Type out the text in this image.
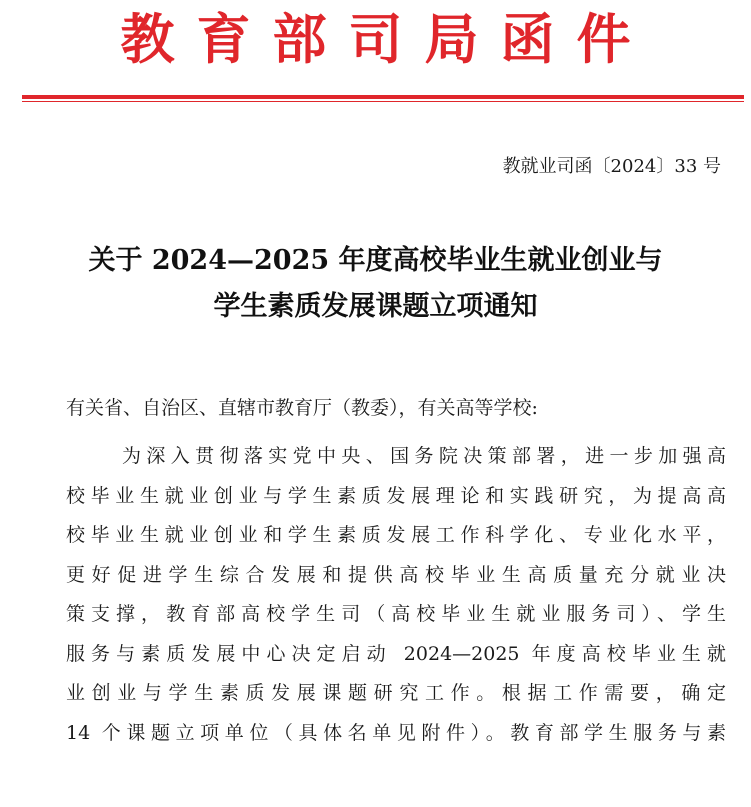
教育部司局函件
教就业司函〔2024〕33 号
关于 2024—2025 年度高校毕业生就业创业与
学生素质发展课题立项通知
有关省、自治区、直辖市教育厅（教委），有关高等学校:
为深入贯彻落实党中央、国务院决策部署，进一步加强高
校毕业生就业创业与学生素质发展理论和实践研究，为提高高
校毕业生就业创业和学生素质发展工作科学化、专业化水平，
更好促进学生综合发展和提供高校毕业生高质量充分就业决
策支撑，教育部高校学生司（高校毕业生就业服务司）、学生
服务与素质发展中心决定启动 2024—2025 年度高校毕业生就
业创业与学生素质发展课题研究工作。根据工作需要，确定
14 个课题立项单位（具体名单见附件）。教育部学生服务与素
